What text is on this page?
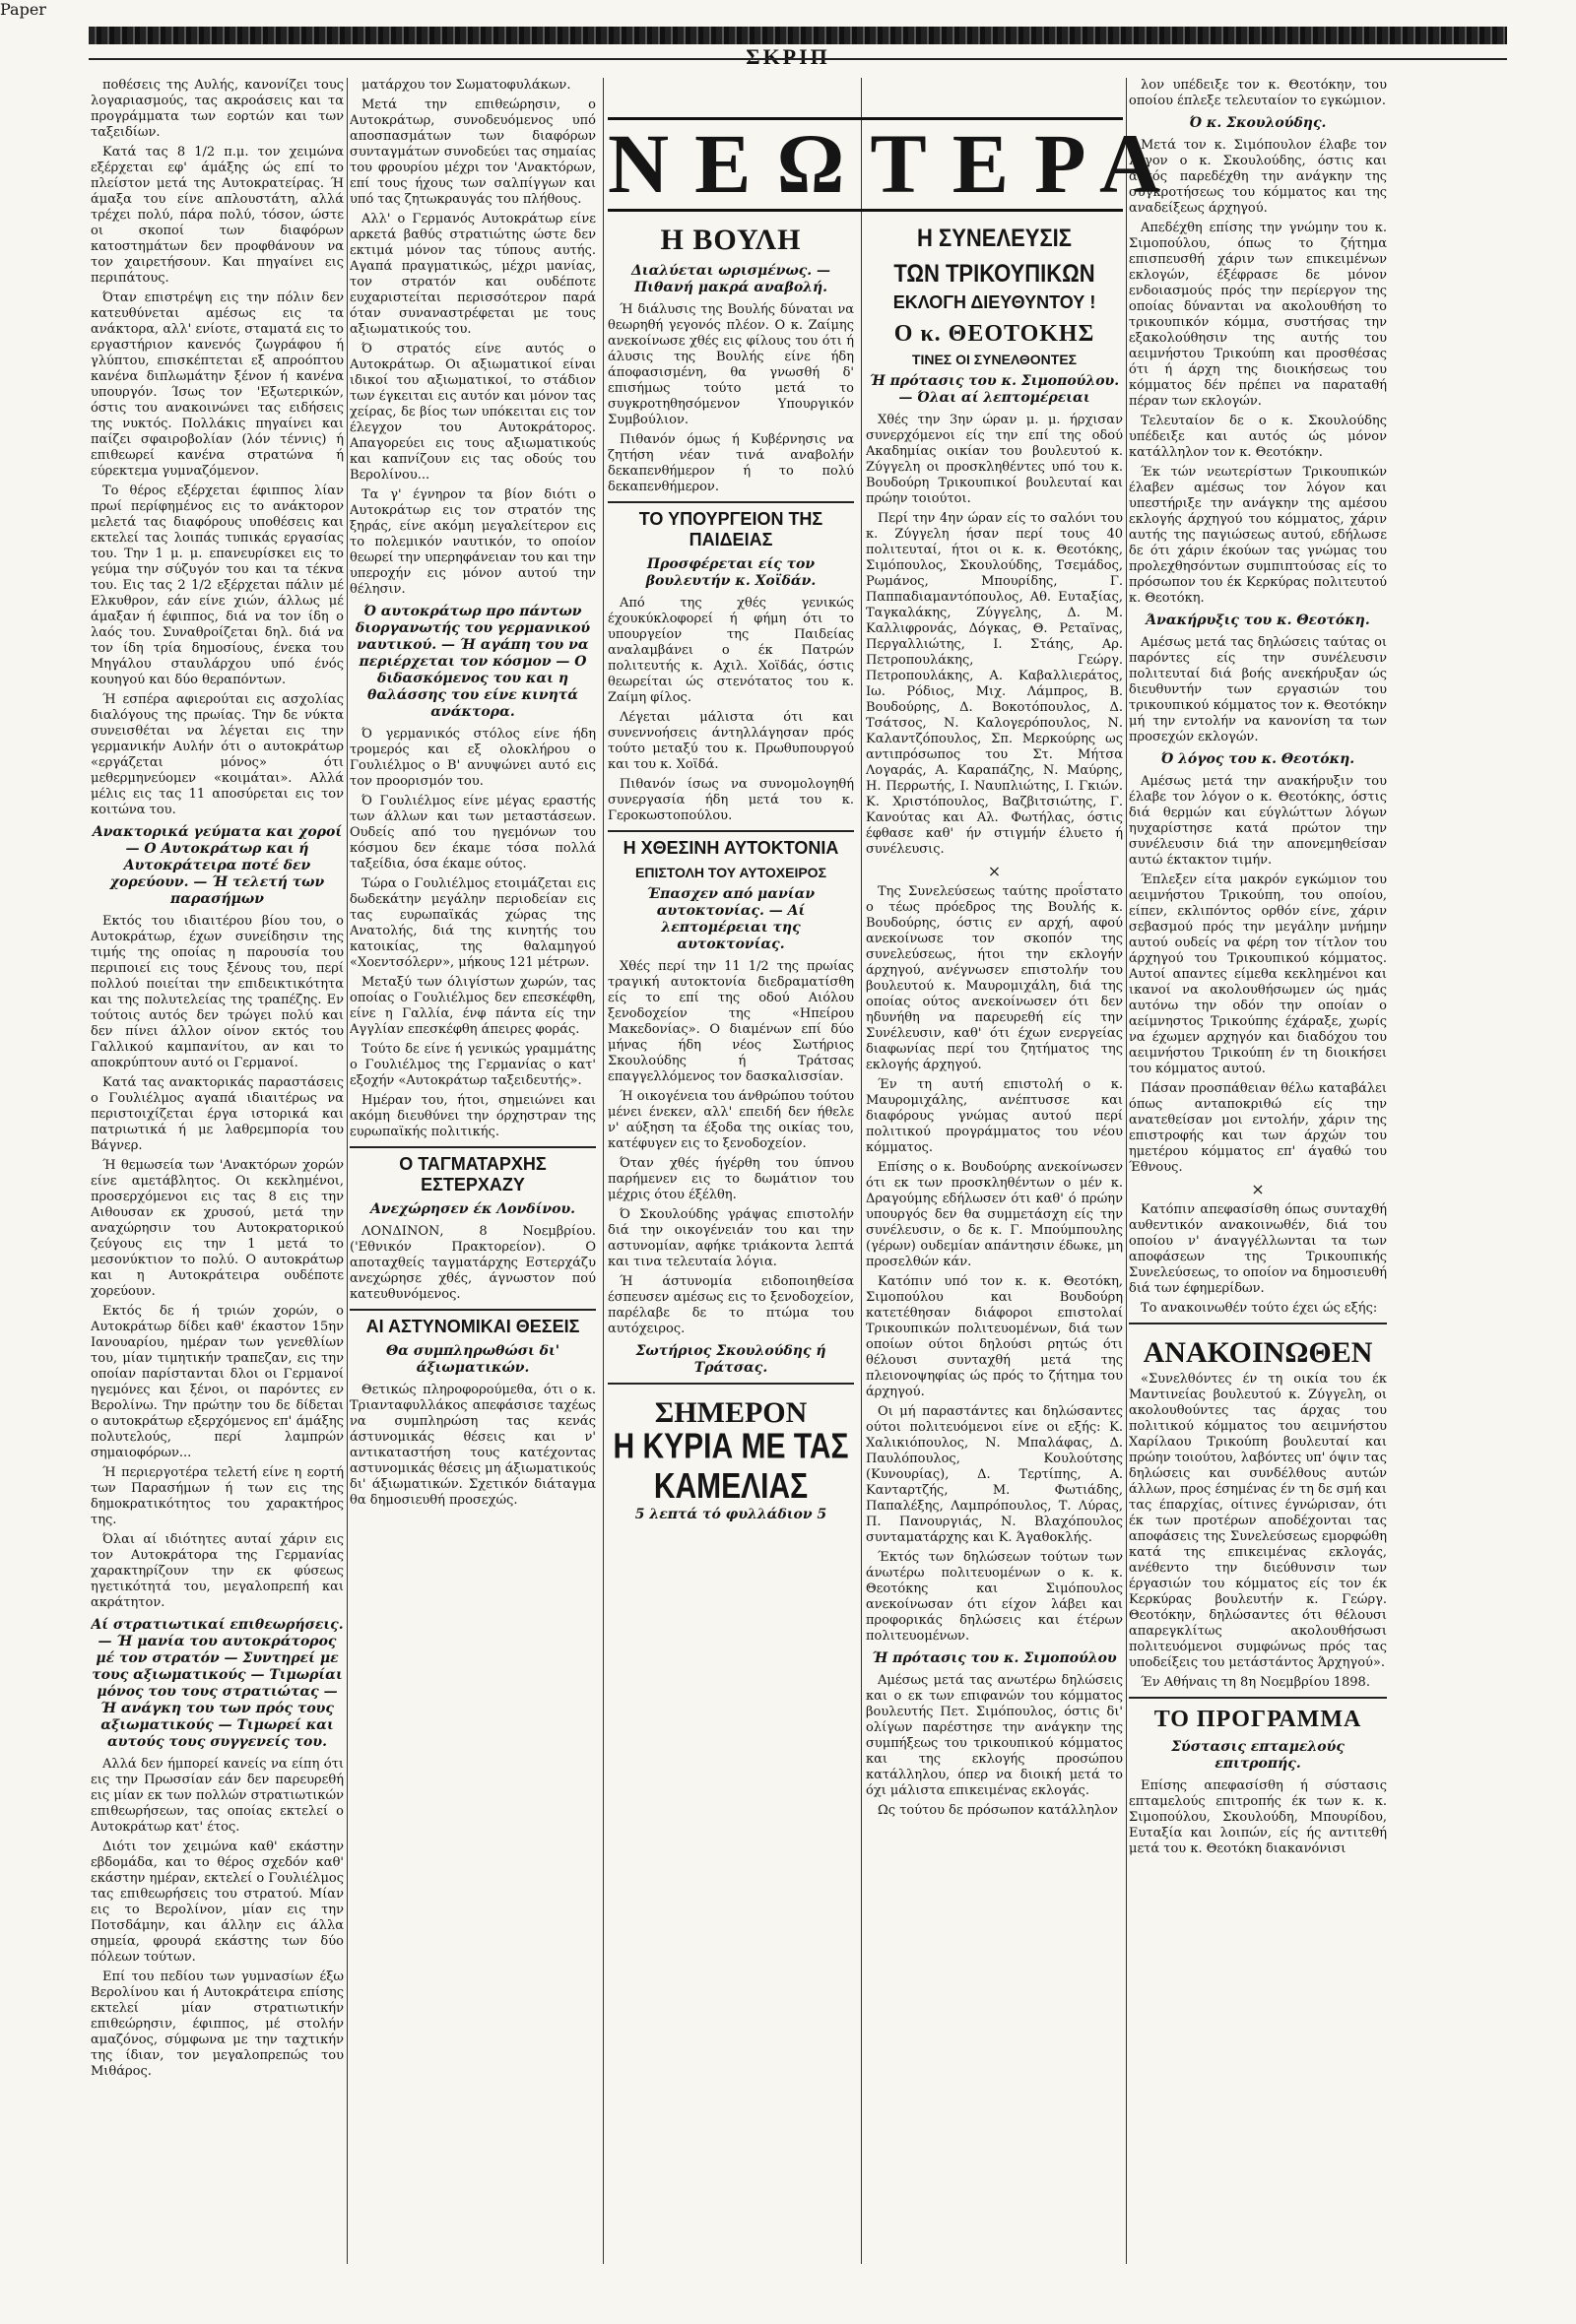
Paper
ΣΚΡΙΠ

ποθέσεις της Αυλής, κανονίζει τους λογαριασμούς, τας ακροάσεις και τα προγράμματα των εορτών και των ταξειδίων.

Κατά τας 8 1/2 π.μ. τον χειμώνα εξέρχεται εφ' άμάξης ώς επί το πλείστον μετά της Αυτοκρατείρας. Ή άμαξα του είνε απλουστάτη, αλλά τρέχει πολύ, πάρα πολύ, τόσον, ώστε οι σκοποί των διαφόρων κατοστημάτων δεν προφθάνουν να τον χαιρετήσουν. Και πηγαίνει εις περιπάτους.

Όταν επιστρέψη εις την πόλιν δεν κατευθύνεται αμέσως εις τα ανάκτορα, αλλ' ενίοτε, σταματά εις το εργαστήριον κανενός ζωγράφου ή γλύπτου, επισκέπτεται εξ απροόπτου κανένα διπλωμάτην ξένον ή κανένα υπουργόν. Ίσως τον 'Εξωτερικών, όστις του ανακοινώνει τας ειδήσεις της νυκτός. Πολλάκις πηγαίνει και παίζει σφαιροβολίαν (λόν τέννις) ή επιθεωρεί κανένα στρατώνα ή εύρεκτεμα γυμναζόμενον.

Το θέρος εξέρχεται έφιππος λίαν πρωί περίφημένος εις το ανάκτορον μελετά τας διαφόρους υποθέσεις και εκτελεί τας λοιπάς τυπικάς εργασίας του. Την 1 μ. μ. επανευρίσκει εις το γεύμα την σύζυγόν του και τα τέκνα του. Εις τας 2 1/2 εξέρχεται πάλιν μέ Ελκυθρον, εάν είνε χιών, άλλως μέ άμαξαν ή έφιππος, διά να τον ίδη ο λαός του. Συναθροίζεται δηλ. διά να τον ίδη τρία δημοσίους, ένεκα του Μηγάλου σταυλάρχου υπό ένός κουηγού και δύο θεραπόντων.

Ή εσπέρα αφιερούται εις ασχολίας διαλόγους της πρωίας. Την δε νύκτα συνεισθέται να λέγεται εις την γερμανικήν Αυλήν ότι ο αυτοκράτωρ «εργάζεται μόνος» ότι μεθερμηνεύομεν «κοιμάται». Αλλά μέλις εις τας 11 αποσύρεται εις τον κοιτώνα του.

Ανακτορικά γεύματα και χοροί — Ο Αυτοκράτωρ και ή Αυτοκράτειρα ποτέ δεν χορεύουν. — Ή τελετή των παρασήμων

Εκτός του ιδιαιτέρου βίου του, ο Αυτοκράτωρ, έχων συνείδησιν της τιμής της οποίας η παρουσία του περιποιεί εις τους ξένους του, περί πολλού ποιείται την επιδεικτικότητα και της πολυτελείας της τραπέζης. Εν τούτοις αυτός δεν τρώγει πολύ και δεν πίνει άλλον οίνον εκτός του Γαλλικού καμπανίτου, αν και το αποκρύπτουν αυτό οι Γερμανοί.

Κατά τας ανακτορικάς παραστάσεις ο Γουλιέλμος αγαπά ιδιαιτέρως να περιστοιχίζεται έργα ιστορικά και πατριωτικά ή με λαθρεμπορία του Βάγνερ.

Ή θεμωσεία των 'Ανακτόρων χορών είνε αμετάβλητος. Οι κεκλημένοι, προσερχόμενοι εις τας 8 εις την Αιθουσαν εκ χρυσού, μετά την αναχώρησιν του Αυτοκρατορικού ζεύγους εις την 1 μετά το μεσονύκτιον το πολύ. Ο αυτοκράτωρ και η Αυτοκράτειρα ουδέποτε χορεύουν.

Εκτός δε ή τριών χορών, ο Αυτοκράτωρ δίδει καθ' έκαστον 15ην Ιανουαρίου, ημέραν των γενεθλίων του, μίαν τιμητικήν τραπεζαν, εις την οποίαν παρίστανται δλοι οι Γερμανοί ηγεμόνες και ξένοι, οι παρόντες εν Βερολίνω. Την πρώτην του δε δίδεται ο αυτοκράτωρ εξερχόμενος επ' άμάξης πολυτελούς, περί λαμπρών σημαιοφόρων...

Ή περιεργοτέρα τελετή είνε η εορτή των Παρασήμων ή των εις της δημοκρατικότητος του χαρακτήρος της.

Όλαι αί ιδιότητες αυταί χάριν εις τον Αυτοκράτορα της Γερμανίας χαρακτηρίζουν την εκ φύσεως ηγετικότητά του, μεγαλοπρεπή και ακράτητον.

Αί στρατιωτικαί επιθεωρήσεις. — Ή μανία του αυτοκράτορος μέ τον στρατόν — Συντηρεί με τους αξιωματικούς — Τιμωρίαι μόνος του τους στρατιώτας — Ή ανάγκη του των πρός τους αξιωματικούς — Τιμωρεί και αυτούς τους συγγενείς του.

Αλλά δεν ήμπορεί κανείς να είπη ότι εις την Πρωσσίαν εάν δεν παρευρεθή εις μίαν εκ των πολλών στρατιωτικών επιθεωρήσεων, τας οποίας εκτελεί ο Αυτοκράτωρ κατ' έτος.

Διότι τον χειμώνα καθ' εκάστην εβδομάδα, και το θέρος σχεδόν καθ' εκάστην ημέραν, εκτελεί ο Γουλιέλμος τας επιθεωρήσεις του στρατού. Μίαν εις το Βερολίνον, μίαν εις την Ποτσδάμην, και άλλην εις άλλα σημεία, φρουρά εκάστης των δύο πόλεων τούτων.

Επί του πεδίου των γυμνασίων έξω Βερολίνου και ή Αυτοκράτειρα επίσης εκτελεί μίαν στρατιωτικήν επιθεώρησιν, έφιππος, μέ στολήν αμαζόνος, σύμφωνα με την ταχτικήν της ίδιαν, τον μεγαλοπρεπώς του Μιθάρος.

ματάρχου τον Σωματοφυλάκων.

Μετά την επιθεώρησιν, ο Αυτοκράτωρ, συνοδευόμενος υπό αποσπασμάτων των διαφόρων συνταγμάτων συνοδεύει τας σημαίας του φρουρίου μέχρι τον 'Ανακτόρων, επί τους ήχους των σαλπίγγων και υπό τας ζητωκραυγάς του πλήθους.

Αλλ' ο Γερμανός Αυτοκράτωρ είνε αρκετά βαθύς στρατιώτης ώστε δεν εκτιμά μόνον τας τύπους αυτής. Αγαπά πραγματικώς, μέχρι μανίας, τον στρατόν και ουδέποτε ευχαριστείται περισσότερον παρά όταν συναναστρέφεται με τους αξιωματικούς του.

Ό στρατός είνε αυτός ο Αυτοκράτωρ. Οι αξιωματικοί είναι ιδικοί του αξιωματικοί, το στάδιον των έγκειται εις αυτόν και μόνον τας χείρας, δε βίος των υπόκειται εις τον έλεγχον του Αυτοκράτορος. Απαγορεύει εις τους αξιωματικούς και καπνίζουν εις τας οδούς του Βερολίνου...

Τα γ' έγνηρον τα βίον διότι ο Αυτοκράτωρ εις τον στρατόν της ξηράς, είνε ακόμη μεγαλείτερον εις το πολεμικόν ναυτικόν, το οποίον θεωρεί την υπερηφάνειαν του και την υπεροχήν εις μόνον αυτού την θέλησιν.

Ό αυτοκράτωρ προ πάντων διοργανωτής του γερμανικού ναυτικού. — Ή αγάπη του να περιέρχεται τον κόσμον — Ο διδασκόμενος του και η θαλάσσης του είνε κινητά ανάκτορα.

Ό γερμανικός στόλος είνε ήδη τρομερός και εξ ολοκλήρου ο Γουλιέλμος ο Β' ανυψώνει αυτό εις τον προορισμόν του.

Ό Γουλιέλμος είνε μέγας εραστής των άλλων και των μεταστάσεων. Ουδείς από του ηγεμόνων του κόσμου δεν έκαμε τόσα πολλά ταξείδια, όσα έκαμε ούτος.

Τώρα ο Γουλιέλμος ετοιμάζεται εις δωδεκάτην μεγάλην περιοδείαν εις τας ευρωπαϊκάς χώρας της Ανατολής, διά της κινητής του κατοικίας, της θαλαμηγού «Χοεντσόλερν», μήκους 121 μέτρων.

Μεταξύ των όλιγίστων χωρών, τας οποίας ο Γουλιέλμος δεν επεσκέφθη, είνε η Γαλλία, ένφ πάντα είς την Αγγλίαν επεσκέφθη άπειρες φοράς.

Τούτο δε είνε ή γενικώς γραμμάτης ο Γουλιέλμος της Γερμανίας ο κατ' εξοχήν «Αυτοκράτωρ ταξειδευτής».

Ημέραν του, ήτοι, σημειώνει και ακόμη διευθύνει την όρχηστραν της ευρωπαϊκής πολιτικής.

Ο ΤΑΓΜΑΤΑΡΧΗΣ ΕΣΤΕΡΧΑΖΥ
Ανεχώρησεν έκ Λονδίνου.

ΛΟΝΔΙΝΟΝ, 8 Νοεμβρίου. ('Εθνικόν Πρακτορείον). Ο αποταχθείς ταγματάρχης Εστερχάζυ ανεχώρησε χθές, άγνωστον πού κατευθυνόμενος.

ΑΙ ΑΣΤΥΝΟΜΙΚΑΙ ΘΕΣΕΙΣ
Θα συμπληρωθώσι δι' άξιωματικών.

Θετικώς πληροφορούμεθα, ότι ο κ. Τριανταφυλλάκος απεφάσισε ταχέως να συμπληρώση τας κενάς άστυνομικάς θέσεις και ν' αντικαταστήση τους κατέχοντας αστυνομικάς θέσεις μη άξιωματικούς δι' άξιωματικών. Σχετικόν διάταγμα θα δημοσιευθή προσεχώς.

ΝΕΩΤΕΡΑ
Η ΒΟΥΛΗ
Διαλύεται ωρισμένως. — Πιθανή μακρά αναβολή.

Ή διάλυσις της Βουλής δύναται να θεωρηθή γεγονός πλέον. Ο κ. Ζαίμης ανεκοίνωσε χθές εις φίλους του ότι ή άλυσις της Βουλής είνε ήδη άποφασισμένη, θα γνωσθή δ' επισήμως τούτο μετά το συγκροτηθησόμενον Υπουργικόν Συμβούλιον.

Πιθανόν όμως ή Κυβέρνησις να ζητήση νέαν τινά αναβολήν δεκαπενθήμερον ή το πολύ δεκαπενθήμερον.

ΤΟ ΥΠΟΥΡΓΕΙΟΝ ΤΗΣ ΠΑΙΔΕΙΑΣ
Προσφέρεται είς τον βουλευτήν κ. Χοϊδάν.

Από της χθές γενικώς έχουκύκλοφορεί ή φήμη ότι το υπουργείον της Παιδείας αναλαμβάνει ο έκ Πατρών πολιτευτής κ. Αχιλ. Χοϊδάς, όστις θεωρείται ώς στενότατος του κ. Ζαίμη φίλος.

Λέγεται μάλιστα ότι και συνεννοήσεις άντηλλάγησαν πρός τούτο μεταξύ του κ. Πρωθυπουργού και του κ. Χοϊδά.

Πιθανόν ίσως να συνομολογηθή συνεργασία ήδη μετά του κ. Γεροκωστοπούλου.

Η ΧΘΕΣΙΝΗ ΑΥΤΟΚΤΟΝΙΑ
ΕΠΙΣΤΟΛΗ ΤΟΥ ΑΥΤΟΧΕΙΡΟΣ
Έπασχεν από μανίαν αυτοκτονίας. — Αί λεπτομέρειαι της αυτοκτονίας.

Χθές περί την 11 1/2 της πρωίας τραγική αυτοκτονία διεδραματίσθη είς το επί της οδού Αιόλου ξενοδοχείον της «Ηπείρου Μακεδονίας». Ο διαμένων επί δύο μήνας ήδη νέος Σωτήριος Σκουλούδης ή Τράτσας επαγγελλόμενος τον δασκαλισσίαν.

Ή οικογένεια του άνθρώπου τούτου μένει ένεκεν, αλλ' επειδή δεν ήθελε ν' αύξηση τα έξοδα της οικίας του, κατέφυγεν εις το ξενοδοχείον.

Όταν χθές ήγέρθη του ύπνου παρήμενεν εις το δωμάτιον του μέχρις ότου έξέλθη.

Ό Σκουλούδης γράψας επιστολήν διά την οικογένειάν του και την αστυνομίαν, αφήκε τριάκοντα λεπτά και τινα τελευταία λόγια.

Ή άστυνομία ειδοποιηθείσα έσπευσεν αμέσως εις το ξενοδοχείον, παρέλαβε δε το πτώμα του αυτόχειρος.

Σωτήριος Σκουλούδης ή Τράτσας.
ΣΗΜΕΡΟΝ
Η ΚΥΡΙΑ ΜΕ ΤΑΣ ΚΑΜΕΛΙΑΣ
5 λεπτά τό φυλλάδιον 5
Η ΣΥΝΕΛΕΥΣΙΣ
ΤΩΝ ΤΡΙΚΟΥΠΙΚΩΝ
ΕΚΛΟΓΗ ΔΙΕΥΘΥΝΤΟΥ !
Ο κ. ΘΕΟΤΟΚΗΣ
ΤΙΝΕΣ ΟΙ ΣΥΝΕΛΘΟΝΤΕΣ
Ή πρότασις του κ. Σιμοπούλου. — Όλαι αί λεπτομέρειαι

Χθές την 3ην ώραν μ. μ. ήρχισαν συνερχόμενοι είς την επί της οδού Ακαδημίας οικίαν του βουλευτού κ. Ζύγγελη οι προσκληθέντες υπό του κ. Βουδούρη Τρικουπικοί βουλευταί και πρώην τοιούτοι.

Περί την 4ην ώραν είς το σαλόνι του κ. Ζύγγελη ήσαν περί τους 40 πολιτευταί, ήτοι οι κ. κ. Θεοτόκης, Σιμόπουλος, Σκουλούδης, Τσεμάδος, Ρωμάνος, Μπουρίδης, Γ. Παππαδιαμαντόπουλος, Αθ. Ευταξίας, Ταγκαλάκης, Ζύγγελης, Δ. Μ. Καλλιφρονάς, Δόγκας, Θ. Ρεταϊνας, Περγαλλιώτης, Ι. Στάης, Αρ. Πετροπουλάκης, Γεώργ. Πετροπουλάκης, Α. Καβαλλιεράτος, Ιω. Ρόδιος, Μιχ. Λάμπρος, Β. Βουδούρης, Δ. Βοκοτόπουλος, Δ. Τσάτσος, Ν. Καλογερόπουλος, Ν. Καλαντζόπουλος, Σπ. Μερκούρης ως αντιπρόσωπος του Στ. Μήτσα Λογαράς, Α. Καραπάζης, Ν. Μαύρης, Η. Περρωτής, Ι. Ναυπλιώτης, Ι. Γκιών. Κ. Χριστόπουλος, Βαζβιτσιώτης, Γ. Κανούτας και Αλ. Φωτήλας, όστις έφθασε καθ' ήν στιγμήν έλυετο ή συνέλευσις.

×

Της Συνελεύσεως ταύτης προΐστατο ο τέως πρόεδρος της Βουλής κ. Βουδούρης, όστις εν αρχή, αφού ανεκοίνωσε τον σκοπόν της συνελεύσεως, ήτοι την εκλογήν άρχηγού, ανέγνωσεν επιστολήν του βουλευτού κ. Μαυρομιχάλη, διά της οποίας ούτος ανεκοίνωσεν ότι δεν ηδυνήθη να παρευρεθή είς την Συνέλευσιν, καθ' ότι έχων ενεργείας διαφωνίας περί του ζητήματος της εκλογής άρχηγού.

Έν τη αυτή επιστολή ο κ. Μαυρομιχάλης, ανέπτυσσε και διαφόρους γνώμας αυτού περί πολιτικού προγράμματος του νέου κόμματος.

Επίσης ο κ. Βουδούρης ανεκοίνωσεν ότι εκ των προσκληθέντων ο μέν κ. Δραγούμης εδήλωσεν ότι καθ' ό πρώην υπουργός δεν θα συμμετάσχη είς την συνέλευσιν, ο δε κ. Γ. Μπούμπουλης (γέρων) ουδεμίαν απάντησιν έδωκε, μη προσελθών κάν.

Κατόπιν υπό τον κ. κ. Θεοτόκη, Σιμοπούλου και Βουδούρη κατετέθησαν διάφοροι επιστολαί Τρικουπικών πολιτευομένων, διά των οποίων ούτοι δηλούσι ρητώς ότι θέλουσι συνταχθή μετά της πλειονοψηφίας ώς πρός το ζήτημα του άρχηγού.

Οι μή παραστάντες και δηλώσαντες ούτοι πολιτευόμενοι είνε οι εξής: Κ. Χαλικιόπουλος, Ν. Μπαλάφας, Δ. Παυλόπουλος, Κουλούτσης (Κυνουρίας), Δ. Τερτίπης, Α. Κανταρτζής, Μ. Φωτιάδης, Παπαλέξης, Λαμπρόπουλος, Τ. Λύρας, Π. Πανουργιάς, Ν. Βλαχόπουλος συνταματάρχης και Κ. Άγαθοκλής.

Έκτός των δηλώσεων τούτων των άνωτέρω πολιτευομένων ο κ. κ. Θεοτόκης και Σιμόπουλος ανεκοίνωσαν ότι είχον λάβει και προφορικάς δηλώσεις και έτέρων πολιτευομένων.

Ή πρότασις του κ. Σιμοπούλου

Αμέσως μετά τας ανωτέρω δηλώσεις και ο εκ των επιφανών του κόμματος βουλευτής Πετ. Σιμόπουλος, όστις δι' ολίγων παρέστησε την ανάγκην της συμπήξεως του τρικουπικού κόμματος και της εκλογής προσώπου κατάλληλου, όπερ να διοική μετά το όχι μάλιστα επικειμένας εκλογάς.

Ως τούτου δε πρόσωπον κατάλληλον

λον υπέδειξε τον κ. Θεοτόκην, του οποίου έπλεξε τελευταίον το εγκώμιον.

Ό κ. Σκουλούδης.

Μετά τον κ. Σιμόπουλον έλαβε τον λόγον ο κ. Σκουλούδης, όστις και αυτός παρεδέχθη την ανάγκην της συγκροτήσεως του κόμματος και της αναδείξεως άρχηγού.

Απεδέχθη επίσης την γνώμην του κ. Σιμοπούλου, όπως το ζήτημα επισπευσθή χάριν των επικειμένων εκλογών, έξέφρασε δε μόνον ενδοιασμούς πρός την περίεργον της οποίας δύνανται να ακολουθήση το τρικουπικόν κόμμα, συστήσας την εξακολούθησιν της αυτής του αειμνήστου Τρικούπη και προσθέσας ότι ή άρχη της διοικήσεως του κόμματος δέν πρέπει να παραταθή πέραν των εκλογών.

Τελευταίον δε ο κ. Σκουλούδης υπέδειξε και αυτός ώς μόνον κατάλληλον τον κ. Θεοτόκην.

Έκ τών νεωτερίστων Τρικουπικών έλαβεν αμέσως τον λόγον και υπεστήριξε την ανάγκην της αμέσου εκλογής άρχηγού του κόμματος, χάριν αυτής της παγιώσεως αυτού, εδήλωσε δε ότι χάριν έκούων τας γνώμας του προλεχθησόντων συμπιπτούσας είς το πρόσωπον του έκ Κερκύρας πολιτευτού κ. Θεοτόκη.

Άνακήρυξις του κ. Θεοτόκη.

Αμέσως μετά τας δηλώσεις ταύτας οι παρόντες είς την συνέλευσιν πολιτευταί διά βοής ανεκήρυξαν ώς διευθυντήν των εργασιών του τρικουπικού κόμματος τον κ. Θεοτόκην μή την εντολήν να κανονίση τα των προσεχών εκλογών.

Ό λόγος του κ. Θεοτόκη.

Αμέσως μετά την ανακήρυξιν του έλαβε τον λόγον ο κ. Θεοτόκης, όστις διά θερμών και εύγλώττων λόγων ηυχαρίστησε κατά πρώτον την συνέλευσιν διά την απονεμηθείσαν αυτώ έκτακτον τιμήν.

Έπλεξεν είτα μακρόν εγκώμιον του αειμνήστου Τρικούπη, του οποίου, είπεν, εκλιπόντος ορθόν είνε, χάριν σεβασμού πρός την μεγάλην μνήμην αυτού ουδείς να φέρη τον τίτλον του άρχηγού του Τρικουπικού κόμματος. Αυτοί απαντες είμεθα κεκλημένοι και ικανοί να ακολουθήσωμεν ώς ημάς αυτόνω την οδόν την οποίαν ο αείμνηστος Τρικούπης έχάραξε, χωρίς να έχωμεν αρχηγόν και διαδόχου του αειμνήστου Τρικούπη έν τη διοικήσει του κόμματος αυτού.

Πάσαν προσπάθειαν θέλω καταβάλει όπως ανταποκριθώ είς την ανατεθείσαν μοι εντολήν, χάριν της επιστροφής και των άρχών του ημετέρου κόμματος επ' άγαθώ του Έθνους.

×

Κατόπιν απεφασίσθη όπως συνταχθή αυθεντικόν ανακοινωθέν, διά του οποίου ν' άναγγέλλωνται τα των αποφάσεων της Τρικουπικής Συνελεύσεως, το οποίον να δημοσιευθή διά των έφημερίδων.

Το ανακοινωθέν τούτο έχει ώς εξής:

ΑΝΑΚΟΙΝΩΘΕΝ

«Συνελθόντες έν τη οικία του έκ Μαντινείας βουλευτού κ. Ζύγγελη, οι ακολουθούντες τας άρχας του πολιτικού κόμματος του αειμνήστου Χαρίλαου Τρικούπη βουλευταί και πρώην τοιούτου, λαβόντες υπ' όψιν τας δηλώσεις και συνδέλθους αυτών άλλων, προς έσημένας έν τη δε σμή και τας έπαρχίας, οίτινες έγνώρισαν, ότι έκ των προτέρων αποδέχονται τας αποφάσεις της Συνελεύσεως εμορφώθη κατά της επικειμένας εκλογάς, ανέθεντο την διεύθυνσιν των έργασιών του κόμματος είς τον έκ Κερκύρας βουλευτήν κ. Γεώργ. Θεοτόκην, δηλώσαντες ότι θέλουσι απαρεγκλίτως ακολουθήσωσι πολιτευόμενοι συμφώνως πρός τας υποδείξεις του μετάστάντος Άρχηγού».

Έν Αθήναις τη 8η Νοεμβρίου 1898.

ΤΟ ΠΡΟΓΡΑΜΜΑ
Σύστασις επταμελούς επιτροπής.

Επίσης απεφασίσθη ή σύστασις επταμελούς επιτροπής έκ των κ. κ. Σιμοπούλου, Σκουλούδη, Μπουρίδου, Ευταξία και λοιπών, είς ής αντιτεθή μετά του κ. Θεοτόκη διακανόνισι
